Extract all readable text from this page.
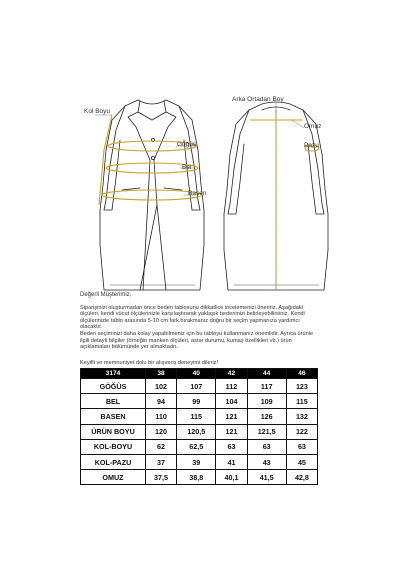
Kol Boyu
Göğüs
Bel
Basen
Arka Ortadan Boy
Omuz
Pazu

Değerli Müşterimiz,

Siparişinizi oluşturmadan önce beden tablosunu dikkatlice incelemenizi öneririz. Aşağıdaki ölçüleri, kendi vücut ölçülerinizle karşılaştırarak yaklaşık bedeninizi belirleyebilirsiniz. Kendi ölçülerinizle tablo arasında 5-10 cm fark bırakmanız doğru bir seçim yapmanıza yardımcı olacaktır.

Beden seçiminizi daha kolay yapabilmeniz için bu tabloyu kullanmanız önemlidir. Ayrıca ürünle ilgili detaylı bilgiler (örneğin manken ölçüleri, astar durumu, kumaş özellikleri vb.) ürün açıklamaları bölümünde yer almaktadır.

Keyifli ve memnuniyet dolu bir alışveriş deneyimi dileriz!
3174	38	40	42	44	46
GÖĞÜS	102	107	112	117	123
BEL	94	99	104	109	115
BASEN	110	115	121	126	132
ÜRÜN BOYU	120	120,5	121	121,5	122
KOL-BOYU	62	62,5	63	63	63
KOL-PAZU	37	39	41	43	45
OMUZ	37,5	38,8	40,1	41,5	42,8
